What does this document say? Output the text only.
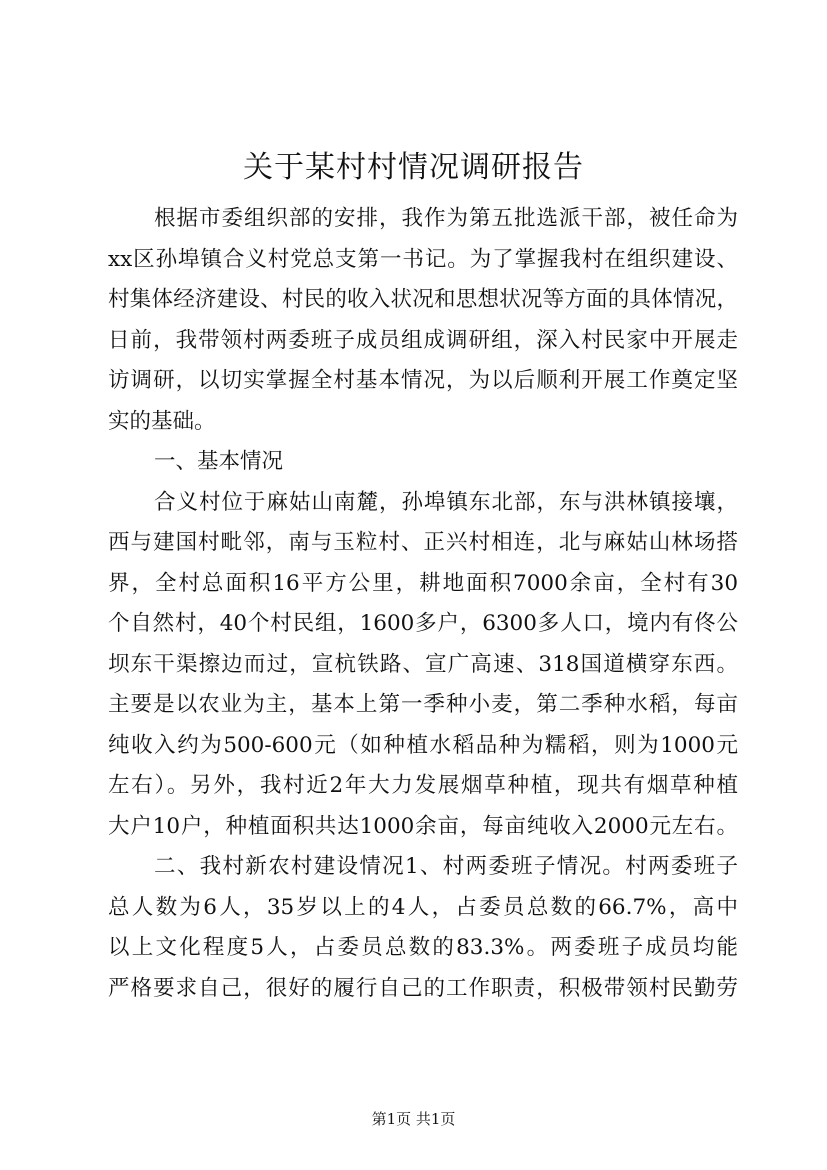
关于某村村情况调研报告
根据市委组织部的安排，我作为第五批选派干部，被任命为
xx区孙埠镇合义村党总支第一书记。为了掌握我村在组织建设、
村集体经济建设、村民的收入状况和思想状况等方面的具体情况，
日前，我带领村两委班子成员组成调研组，深入村民家中开展走
访调研，以切实掌握全村基本情况，为以后顺利开展工作奠定坚
实的基础。
一、基本情况
合义村位于麻姑山南麓，孙埠镇东北部，东与洪林镇接壤，
西与建国村毗邻，南与玉粒村、正兴村相连，北与麻姑山林场搭
界，全村总面积16平方公里，耕地面积7000余亩，全村有30
个自然村，40个村民组，1600多户，6300多人口，境内有佟公
坝东干渠擦边而过，宣杭铁路、宣广高速、318国道横穿东西。
主要是以农业为主，基本上第一季种小麦，第二季种水稻，每亩
纯收入约为500-600元（如种植水稻品种为糯稻，则为1000元
左右）。另外，我村近2年大力发展烟草种植，现共有烟草种植
大户10户，种植面积共达1000余亩，每亩纯收入2000元左右。
二、我村新农村建设情况1、村两委班子情况。村两委班子
总人数为6人，35岁以上的4人，占委员总数的66.7%，高中
以上文化程度5人，占委员总数的83.3%。两委班子成员均能
严格要求自己，很好的履行自己的工作职责，积极带领村民勤劳
第1页 共1页
